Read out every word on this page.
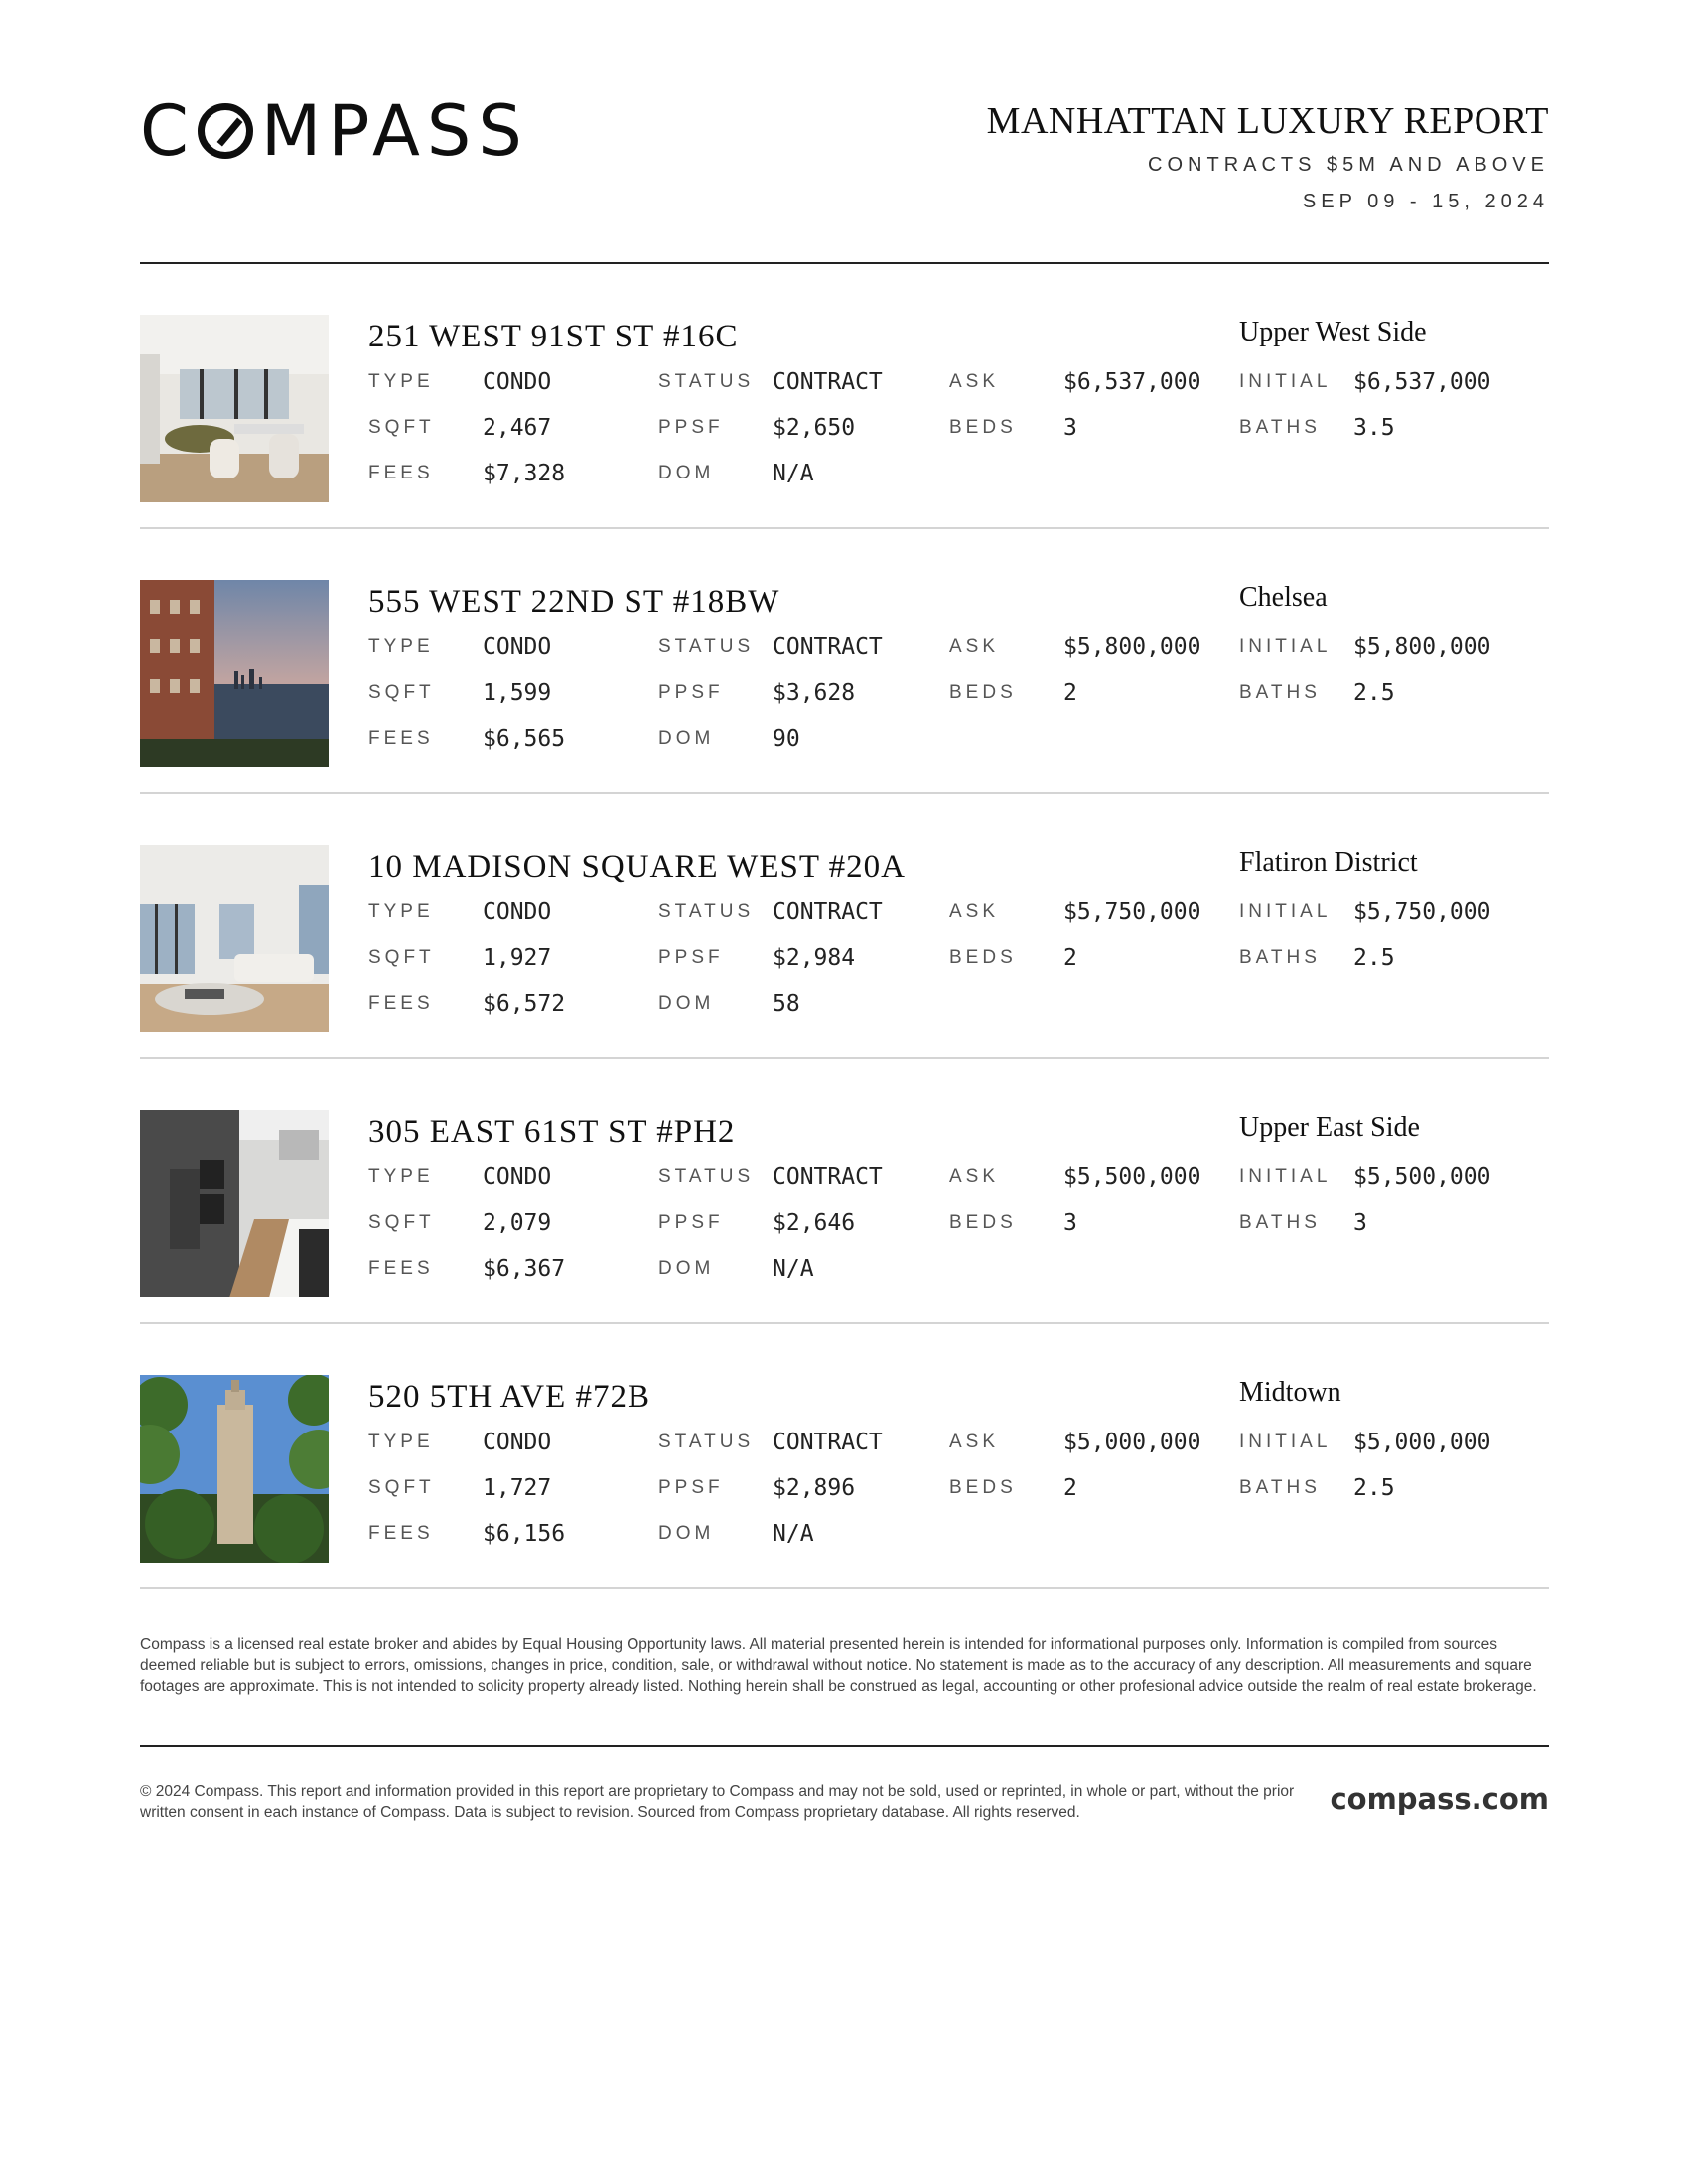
C MPASS	MANHATTAN LUXURY REPORT
CONTRACTS $5M AND ABOVE
SEP 09 - 15, 2024
251 WEST 91ST ST #16C	Upper West Side
TYPE CONDO	STATUS CONTRACT	ASK	$6,537,000 INITIAL $6,537,000
SQFT 2,467	PPSF $2,650	BEDS 3	BATHS 3.5
FEES $7,328	DOM	N/A
555 WEST 22ND ST #18BW	Chelsea
TYPE CONDO	STATUS CONTRACT	ASK	$5,800,000 INITIAL $5,800,000
SQFT 1,599	PPSF $3,628	BEDS 2	BATHS 2.5
FEES $6,565	DOM	90
10 MADISON SQUARE WEST #20A	Flatiron District
TYPE CONDO	STATUS CONTRACT	ASK	$5,750,000 INITIAL $5,750,000
SQFT 1,927	PPSF $2,984	BEDS 2	BATHS 2.5
FEES $6,572	DOM	58
305 EAST 61ST ST #PH2	Upper East Side
TYPE CONDO	STATUS CONTRACT	ASK	$5,500,000 INITIAL $5,500,000
SQFT 2,079	PPSF $2,646	BEDS 3	BATHS 3
FEES $6,367	DOM	N/A
520 5TH AVE #72B	Midtown
TYPE CONDO	STATUS CONTRACT	ASK	$5,000,000 INITIAL $5,000,000
SQFT 1,727	PPSF $2,896	BEDS 2	BATHS 2.5
FEES $6,156	DOM	N/A
Compass is a licensed real estate broker and abides by Equal Housing Opportunity laws. All material presented herein is intended for informational purposes only. Information is compiled from sources deemed reliable but is subject to errors, omissions, changes in price, condition, sale, or withdrawal without notice. No statement is made as to the accuracy of any description. All measurements and square footages are approximate. This is not intended to solicity property already listed. Nothing herein shall be construed as legal, accounting or other profesional advice outside the realm of real estate brokerage.
© 2024 Compass. This report and information provided in this report are proprietary to Compass and may not be sold, used or reprinted, in whole or part, without the prior written consent in each instance of Compass. Data is subject to revision. Sourced from Compass proprietary database. All rights reserved.	compass.com
